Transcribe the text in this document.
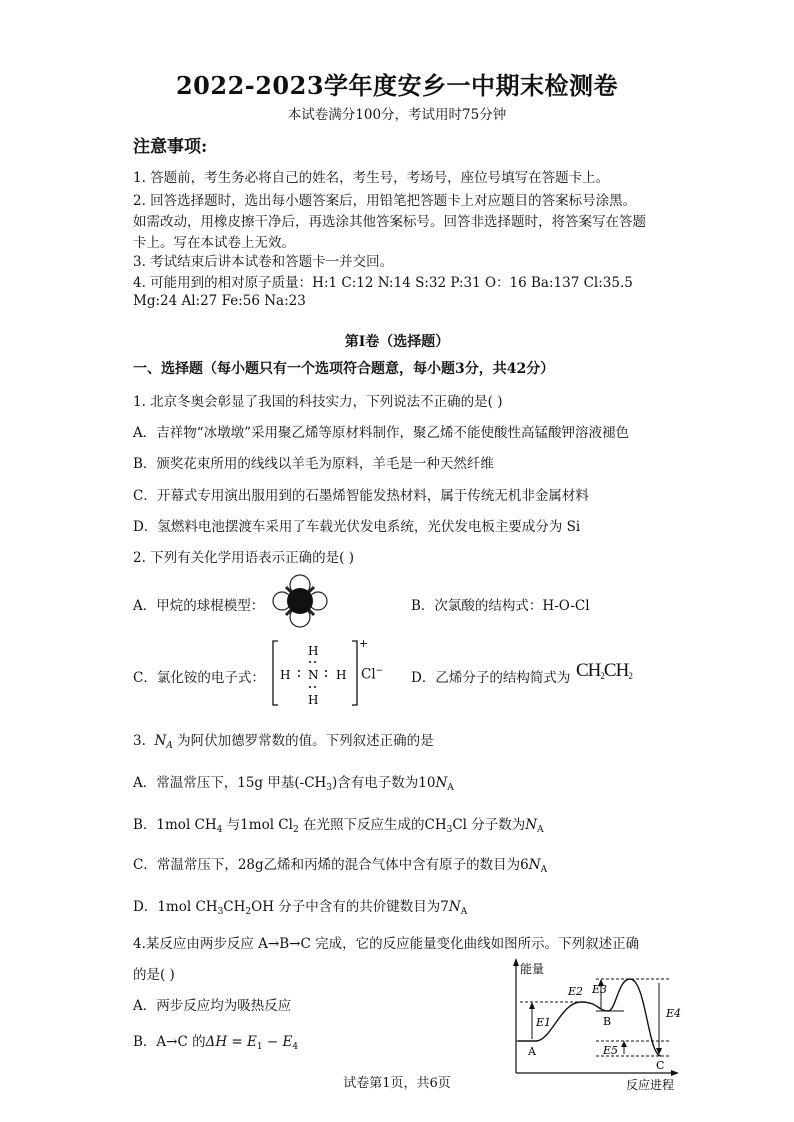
2022-2023学年度安乡一中期末检测卷
本试卷满分100分，考试用时75分钟
注意事项:
1. 答题前，考生务必将自己的姓名，考生号，考场号，座位号填写在答题卡上。
2. 回答选择题时，选出每小题答案后，用铅笔把答题卡上对应题目的答案标号涂黑。
如需改动，用橡皮擦干净后，再选涂其他答案标号。回答非选择题时，将答案写在答题
卡上。写在本试卷上无效。
3. 考试结束后讲本试卷和答题卡一并交回。
4. 可能用到的相对原子质量：H:1 C:12 N:14 S:32 P:31 O：16 Ba:137 Cl:35.5
Mg:24 Al:27 Fe:56 Na:23
第Ⅰ卷（选择题）
一、选择题（每小题只有一个选项符合题意，每小题3分，共42分）
1. 北京冬奥会彰显了我国的科技实力，下列说法不正确的是( )
A．吉祥物“冰墩墩”采用聚乙烯等原材料制作，聚乙烯不能使酸性高锰酸钾溶液褪色
B．颁奖花束所用的线线以羊毛为原料，羊毛是一种天然纤维
C．开幕式专用演出服用到的石墨烯智能发热材料，属于传统无机非金属材料
D．氢燃料电池摆渡车采用了车载光伏发电系统，光伏发电板主要成分为 Si
2. 下列有关化学用语表示正确的是( )
A．甲烷的球棍模型：	B．次氯酸的结构式：H-O-Cl
C．氯化铵的电子式：
+
H
H N H
H
Cl− D．乙烯分子的结构简式为 $CH_2CH_2$
3. $N_A$ 为阿伏加德罗常数的值。下列叙述正确的是
A．常温常压下，15g 甲基$(-CH_3)$含有电子数为$10N_A$
B．1mol $CH_4$ 与1mol $Cl_2$ 在光照下反应生成的$CH_3Cl$ 分子数为$N_A$
C．常温常压下，28g乙烯和丙烯的混合气体中含有原子的数目为$6N_A$
D．1mol $CH_3CH_2OH$ 分子中含有的共价键数目为$7N_A$
4.某反应由两步反应 A→B→C 完成，它的反应能量变化曲线如图所示。下列叙述正确
的是( )
A．两步反应均为吸热反应
B．A→C 的$\Delta H = E_1 - E_4$
能量
反应进程
E1
E2 E3
E4
E5
A
B
C
试卷第1页，共6页
